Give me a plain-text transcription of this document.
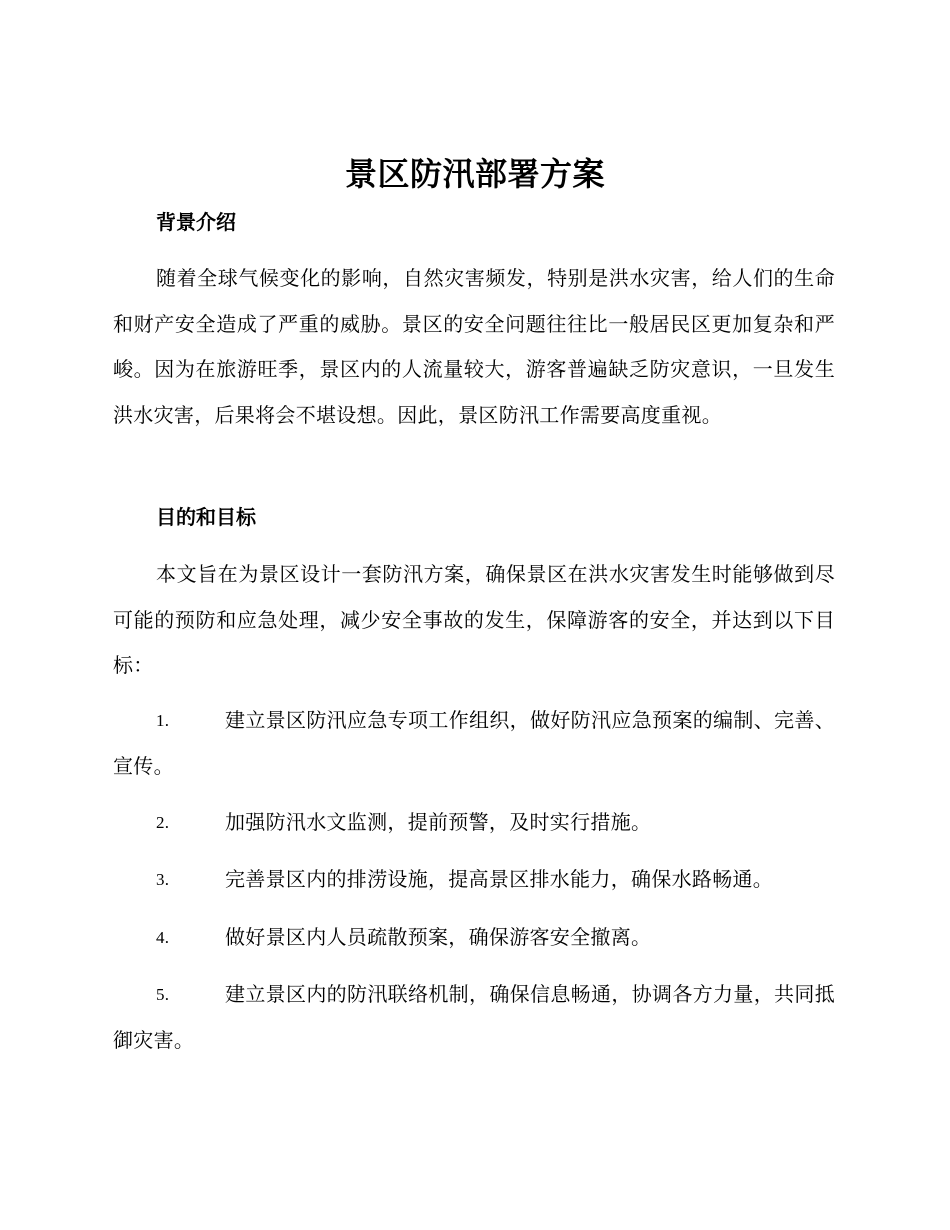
景区防汛部署方案
背景介绍
随着全球气候变化的影响，自然灾害频发，特别是洪水灾害，给人们的生命和财产安全造成了严重的威胁。景区的安全问题往往比一般居民区更加复杂和严峻。因为在旅游旺季，景区内的人流量较大，游客普遍缺乏防灾意识，一旦发生洪水灾害，后果将会不堪设想。因此，景区防汛工作需要高度重视。
目的和目标
本文旨在为景区设计一套防汛方案，确保景区在洪水灾害发生时能够做到尽可能的预防和应急处理，减少安全事故的发生，保障游客的安全，并达到以下目标：
1.	建立景区防汛应急专项工作组织，做好防汛应急预案的编制、完善、宣传。
2.	加强防汛水文监测，提前预警，及时实行措施。
3.	完善景区内的排涝设施，提高景区排水能力，确保水路畅通。
4.	做好景区内人员疏散预案，确保游客安全撤离。
5.	建立景区内的防汛联络机制，确保信息畅通，协调各方力量，共同抵御灾害。
